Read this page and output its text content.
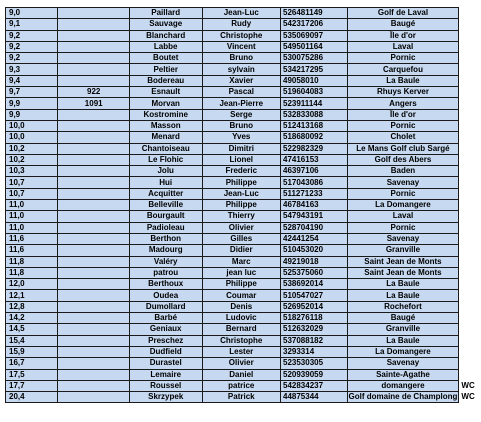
9,0		Paillard	Jean-Luc	526481149	Golf de Laval	
9,1		Sauvage	Rudy	542317206	Baugé	
9,2		Blanchard	Christophe	535069097	Île d'or	
9,2		Labbe	Vincent	549501164	Laval	
9,2		Boutet	Bruno	530075286	Pornic	
9,3		Peltier	sylvain	534217295	Carquefou	
9,4		Bodereau	Xavier	49058010	La Baule	
9,7	922	Esnault	Pascal	519604083	Rhuys Kerver	
9,9	1091	Morvan	Jean-Pierre	523911144	Angers	
9,9		Kostromine	Serge	532833088	Île d'or	
10,0		Masson	Bruno	512413168	Pornic	
10,0		Menard	Yves	518680092	Cholet	
10,2		Chantoiseau	Dimitri	522982329	Le Mans Golf club Sargé	
10,2		Le Flohic	Lionel	47416153	Golf des Abers	
10,3		Jolu	Frederic	46397106	Baden	
10,7		Hui	Philippe	517043086	Savenay	
10,7		Acquitter	Jean-Luc	511271233	Pornic	
11,0		Belleville	Philippe	46784163	La Domangere	
11,0		Bourgault	Thierry	547943191	Laval	
11,0		Padioleau	Olivier	528704190	Pornic	
11,6		Berthon	Gilles	42441254	Savenay	
11,6		Madourg	Didier	510453020	Granville	
11,8		Valéry	Marc	49219018	Saint Jean de Monts	
11,8		patrou	jean luc	525375060	Saint Jean de Monts	
12,0		Berthoux	Philippe	538692014	La Baule	
12,1		Oudea	Coumar	510547027	La Baule	
12,8		Dumollard	Denis	526952014	Rochefort	
14,2		Barbé	Ludovic	518276118	Baugé	
14,5		Geniaux	Bernard	512632029	Granville	
15,4		Preschez	Christophe	537088182	La Baule	
15,9		Dudfield	Lester	3293314	La Domangere	
16,7		Durastel	Olivier	523530305	Savenay	
17,5		Lemaire	Daniel	520939059	Sainte-Agathe	
17,7		Roussel	patrice	542834237	domangere	WC
20,4		Skrzypek	Patrick	44875344	Golf domaine de Champlong	WC
